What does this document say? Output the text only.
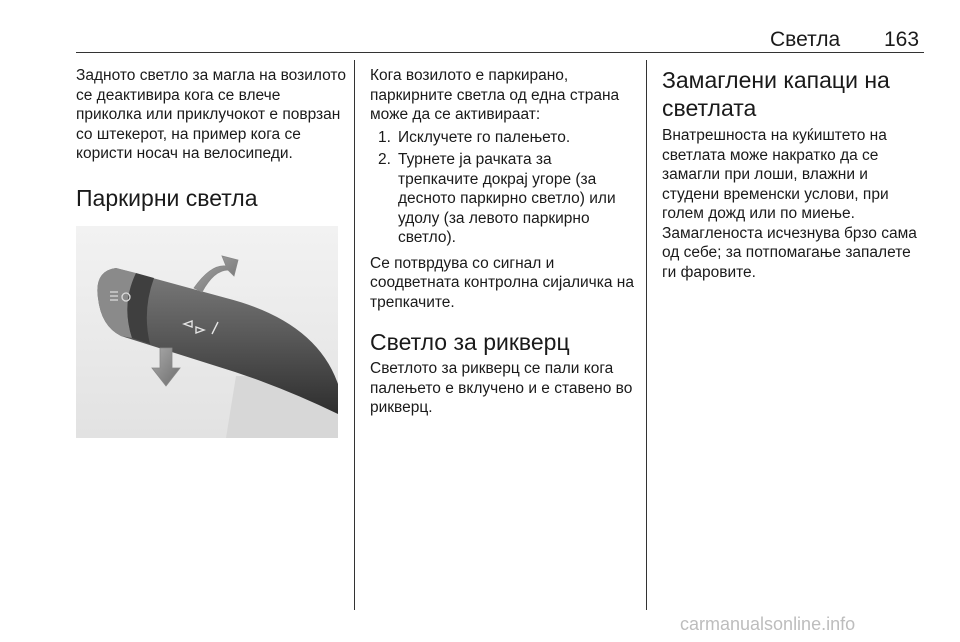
Светла 163

Задното светло за магла на возилото се деактивира кога се влече приколка или приклучокот е поврзан со штекерот, на пример кога се користи носач на велосипеди.

Паркирни светла

Кога возилото е паркирано, паркирните светла од една страна може да се активираат:

1. Исклучете го палењето.
2. Турнете ја рачката за трепкачите докрај угоре (за десното паркирно светло) или удолу (за левото паркирно светло).

Се потврдува со сигнал и соодветната контролна сијаличка на трепкачите.

Светло за рикверц

Светлото за рикверц се пали кога палењето е вклучено и е ставено во рикверц.

Замаглени капаци на светлата

Внатрешноста на куќиштето на светлата може накратко да се замагли при лоши, влажни и студени временски услови, при голем дожд или по миење. Замагленоста исчезнува брзо сама од себе; за потпомагање запалете ги фаровите.

carmanualsonline.info
